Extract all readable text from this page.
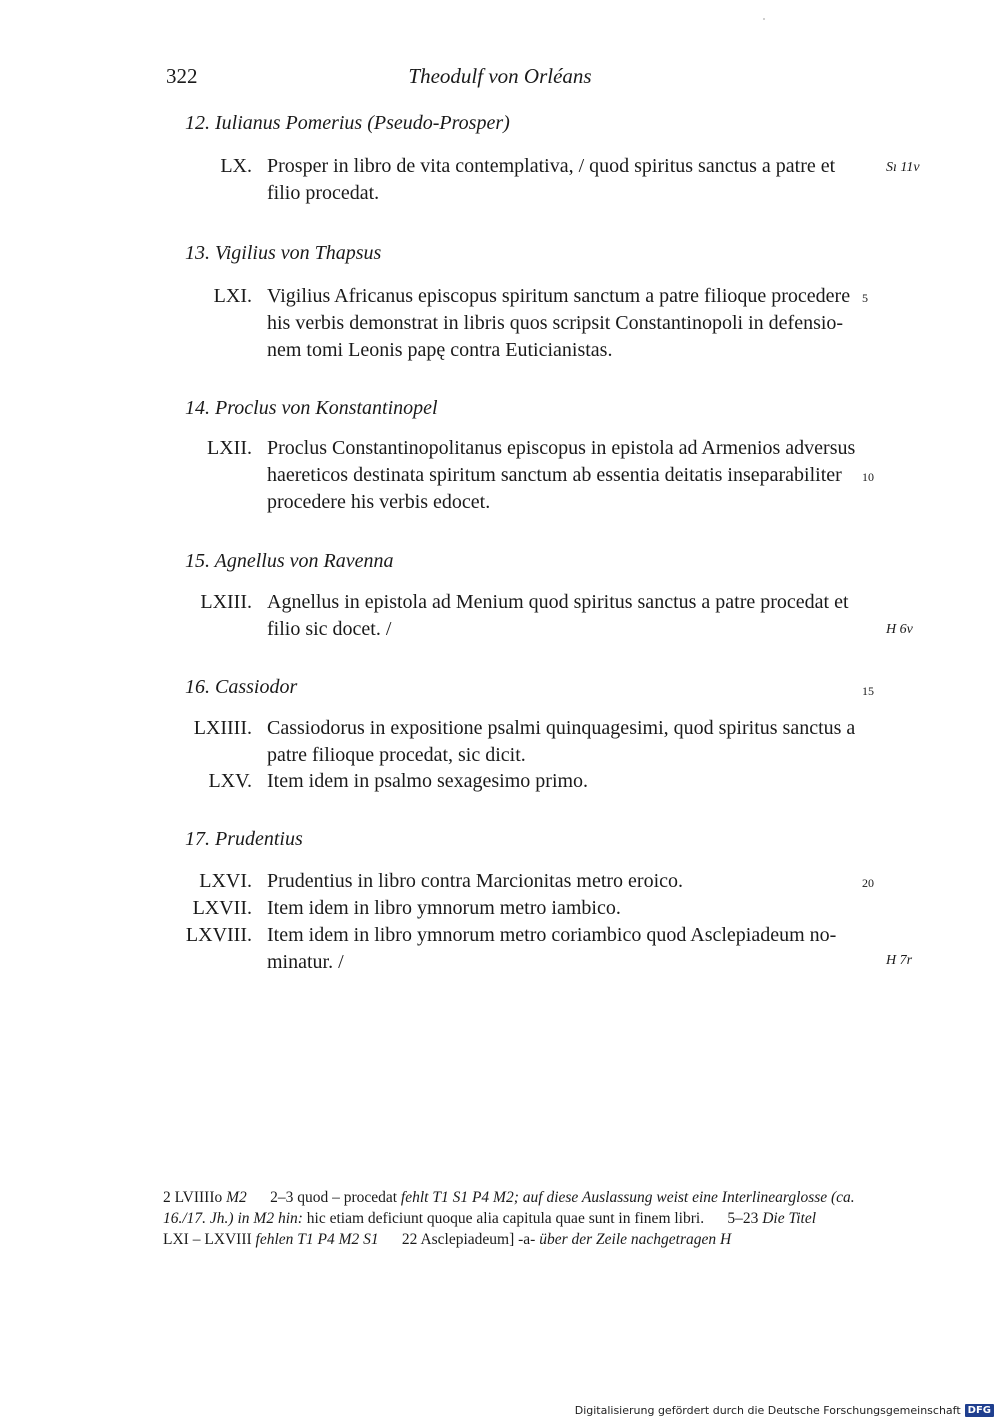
322	Theodulf von Orléans
12. Iulianus Pomerius (Pseudo-Prosper)
LX. Prosper in libro de vita contemplativa, / quod spiritus sanctus a patre et
filio procedat.
Sı 11v
13. Vigilius von Thapsus
LXI. Vigilius Africanus episcopus spiritum sanctum a patre filioque procedere
his verbis demonstrat in libris quos scripsit Constantinopoli in defensio-
nem tomi Leonis papę contra Euticianistas.
5
14. Proclus von Konstantinopel
LXII. Proclus Constantinopolitanus episcopus in epistola ad Armenios adversus
haereticos destinata spiritum sanctum ab essentia deitatis inseparabiliter
procedere his verbis edocet.
10
15. Agnellus von Ravenna
LXIII. Agnellus in epistola ad Menium quod spiritus sanctus a patre procedat et
filio sic docet. /	H 6v
16. Cassiodor	15
LXIIII. Cassiodorus in expositione psalmi quinquagesimi, quod spiritus sanctus a
patre filioque procedat, sic dicit.
LXV. Item idem in psalmo sexagesimo primo.
17. Prudentius
LXVI. Prudentius in libro contra Marcionitas metro eroico.	20
LXVII. Item idem in libro ymnorum metro iambico.
LXVIII. Item idem in libro ymnorum metro coriambico quod Asclepiadeum no-
minatur. /	H 7r
2 LVIIIIo M2      2–3 quod – procedat fehlt T1 S1 P4 M2; auf diese Auslassung weist eine Interlinearglosse (ca.
16./17. Jh.) in M2 hin: hic etiam deficiunt quoque alia capitula quae sunt in finem libri.      5–23 Die Titel
LXI – LXVIII fehlen T1 P4 M2 S1      22 Asclepiadeum] -a- über der Zeile nachgetragen H
Digitalisierung gefördert durch die Deutsche Forschungsgemeinschaft DFG
